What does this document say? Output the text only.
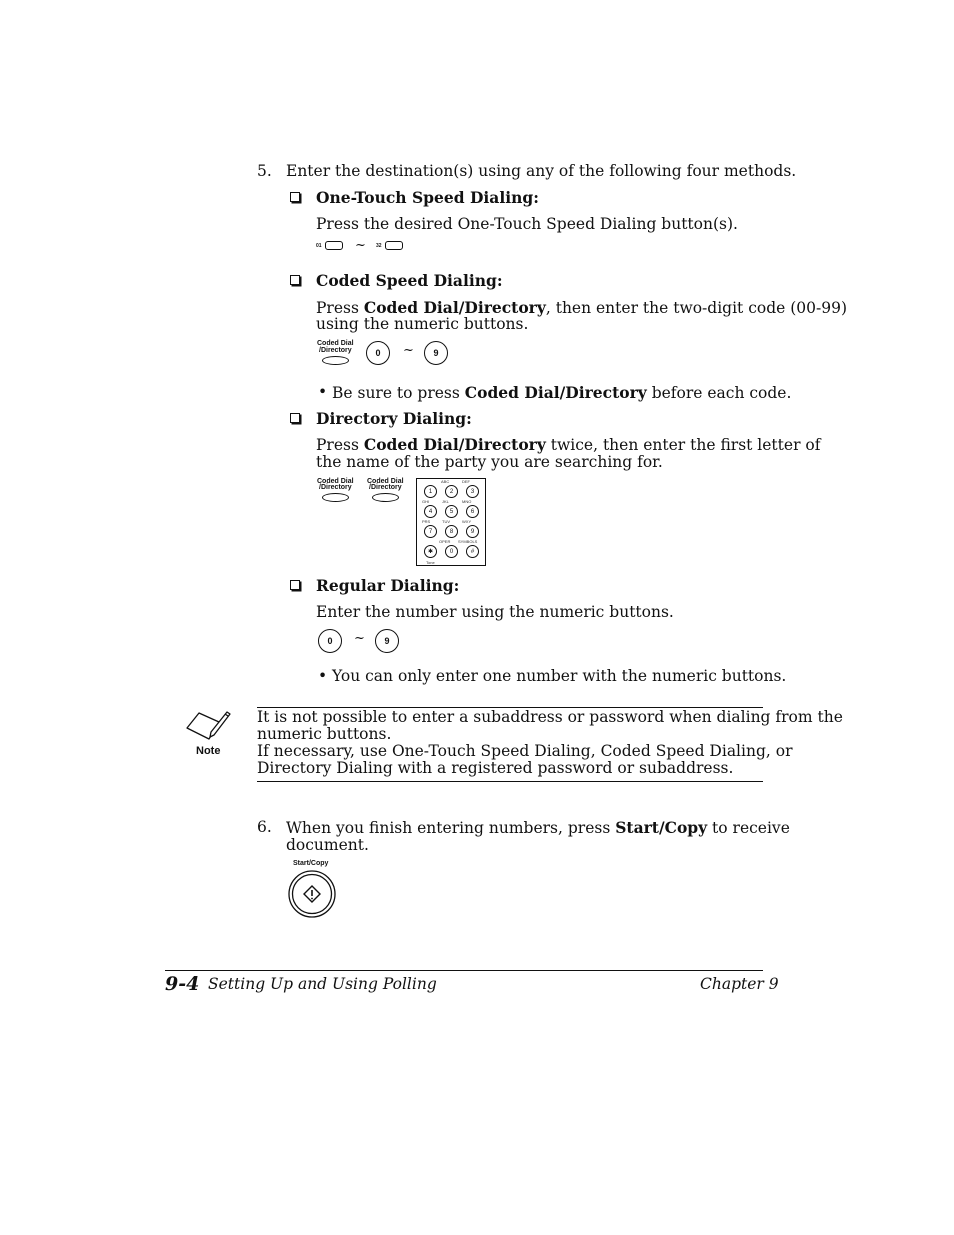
5. Enter the destination(s) using any of the following four methods.
One-Touch Speed Dialing:
Press the desired One-Touch Speed Dialing button(s).
01	~ 32
Coded Speed Dialing:
Press Coded Dial/Directory, then enter the two-digit code (00-99)
using the numeric buttons.
Coded Dial
/Directory	0	~	9
• Be sure to press Coded Dial/Directory before each code.
Directory Dialing:
Press Coded Dial/Directory twice, then enter the first letter of
the name of the party you are searching for.
Coded Dial
/Directory
Coded Dial
/Directory
ABC	DEF
1	2	3
GHI	JKL	MNO
4	5	6
PRS	TUV	WXY
7	8	9
OPER SYMBOLS
✱	0	#
Tone
Regular Dialing:
Enter the number using the numeric buttons.
0	~	9
• You can only enter one number with the numeric buttons.
Note
It is not possible to enter a subaddress or password when dialing from the
numeric buttons.
If necessary, use One-Touch Speed Dialing, Coded Speed Dialing, or
Directory Dialing with a registered password or subaddress.
6. When you finish entering numbers, press Start/Copy to receive
document.
Start/Copy
9-4 Setting Up and Using Polling	Chapter 9
